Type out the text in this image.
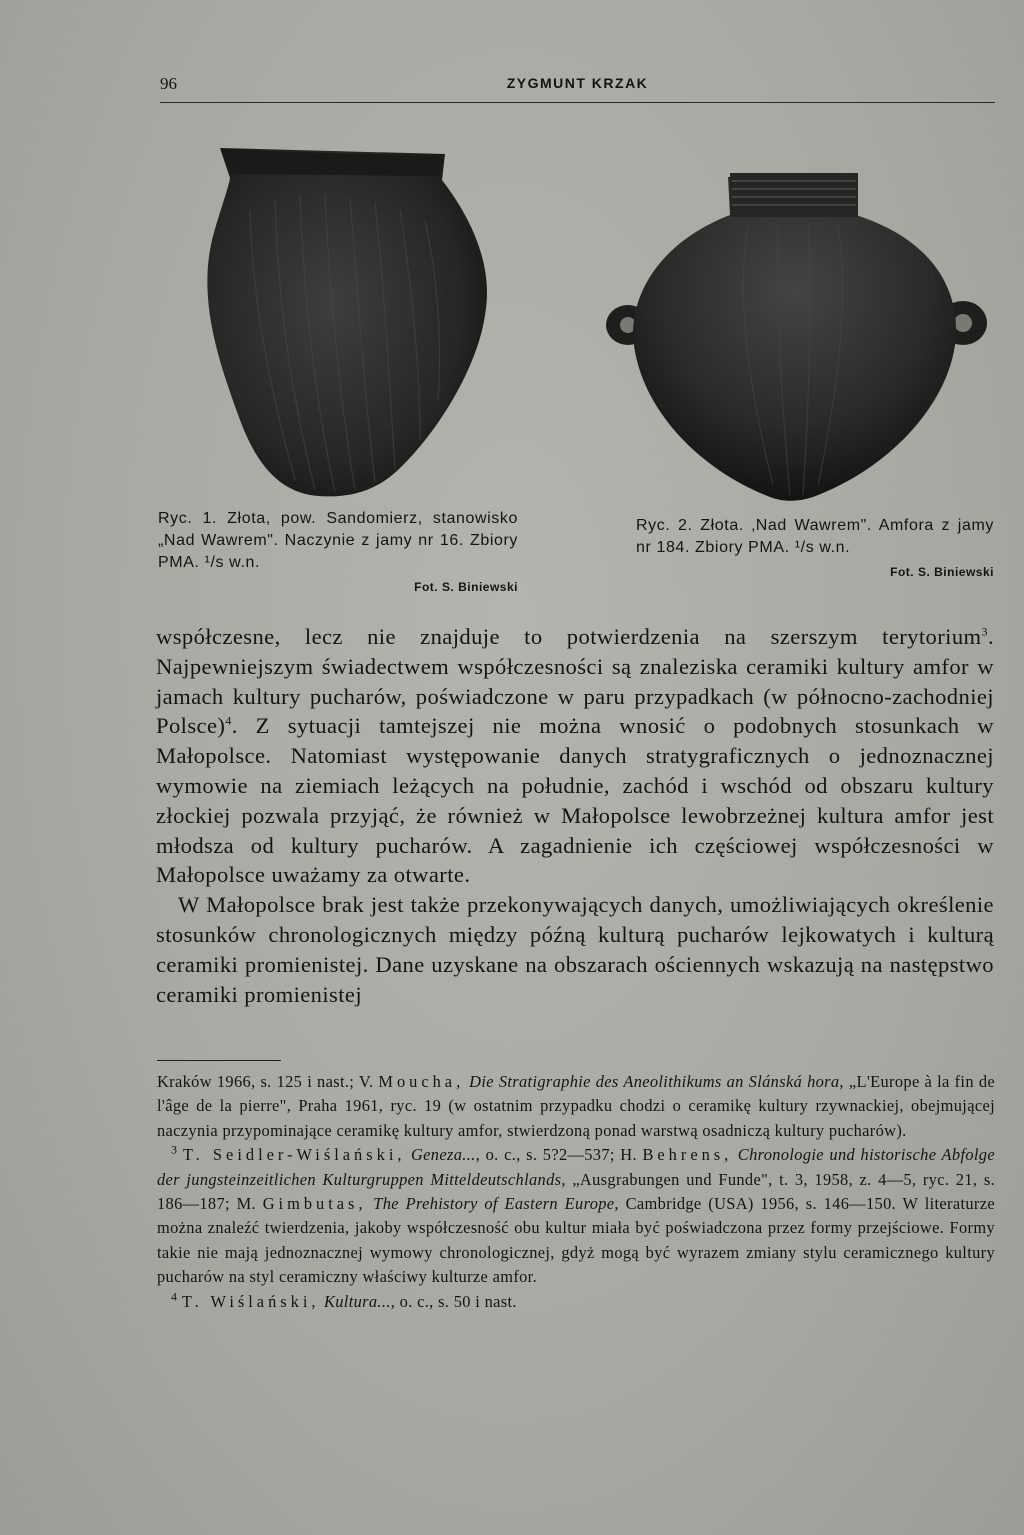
96	ZYGMUNT KRZAK
Ryc. 1. Złota, pow. Sandomierz, stanowisko „Nad Wawrem". Naczynie z jamy nr 16. Zbiory PMA. ¹/s w.n.
Fot. S. Biniewski
Ryc. 2. Złota. ‚Nad Wawrem". Amfora z jamy nr 184. Zbiory PMA. ¹/s w.n.
Fot. S. Biniewski

współczesne, lecz nie znajduje to potwierdzenia na szerszym terytorium$^3$. Najpewniejszym świadectwem współczesności są znaleziska ceramiki kultury amfor w jamach kultury pucharów, poświadczone w paru przypadkach (w północno-zachodniej Polsce)$^4$. Z sytuacji tamtejszej nie można wnosić o podobnych stosunkach w Małopolsce. Natomiast występowanie danych stratygraficznych o jednoznacznej wymowie na ziemiach leżących na południe, zachód i wschód od obszaru kultury złockiej pozwala przyjąć, że również w Małopolsce lewobrzeżnej kultura amfor jest młodsza od kultury pucharów. A zagadnienie ich częściowej współczesności w Małopolsce uważamy za otwarte.

W Małopolsce brak jest także przekonywających danych, umożliwiających określenie stosunków chronologicznych między późną kulturą pucharów lejkowatych i kulturą ceramiki promienistej. Dane uzyskane na obszarach ościennych wskazują na następstwo ceramiki promienistej

Kraków 1966, s. 125 i nast.; V. Moucha, Die Stratigraphie des Aneolithikums an Slánská hora, „L'Europe à la fin de l'âge de la pierre", Praha 1961, ryc. 19 (w ostatnim przypadku chodzi o ceramikę kultury rzywnackiej, obejmującej naczynia przypominające ceramikę kultury amfor, stwierdzoną ponad warstwą osadniczą kultury pucharów).

$^3$ T. Seidler-Wiślański, Geneza..., o. c., s. 5?2—537; H. Behrens, Chronologie und historische Abfolge der jungsteinzeitlichen Kulturgruppen Mitteldeutschlands, „Ausgrabungen und Funde", t. 3, 1958, z. 4—5, ryc. 21, s. 186—187; M. Gimbutas, The Prehistory of Eastern Europe, Cambridge (USA) 1956, s. 146—150. W literaturze można znaleźć twierdzenia, jakoby współczesność obu kultur miała być poświadczona przez formy przejściowe. Formy takie nie mają jednoznacznej wymowy chronologicznej, gdyż mogą być wyrazem zmiany stylu ceramicznego kultury pucharów na styl ceramiczny właściwy kulturze amfor.

$^4$ T. Wiślański, Kultura..., o. c., s. 50 i nast.
